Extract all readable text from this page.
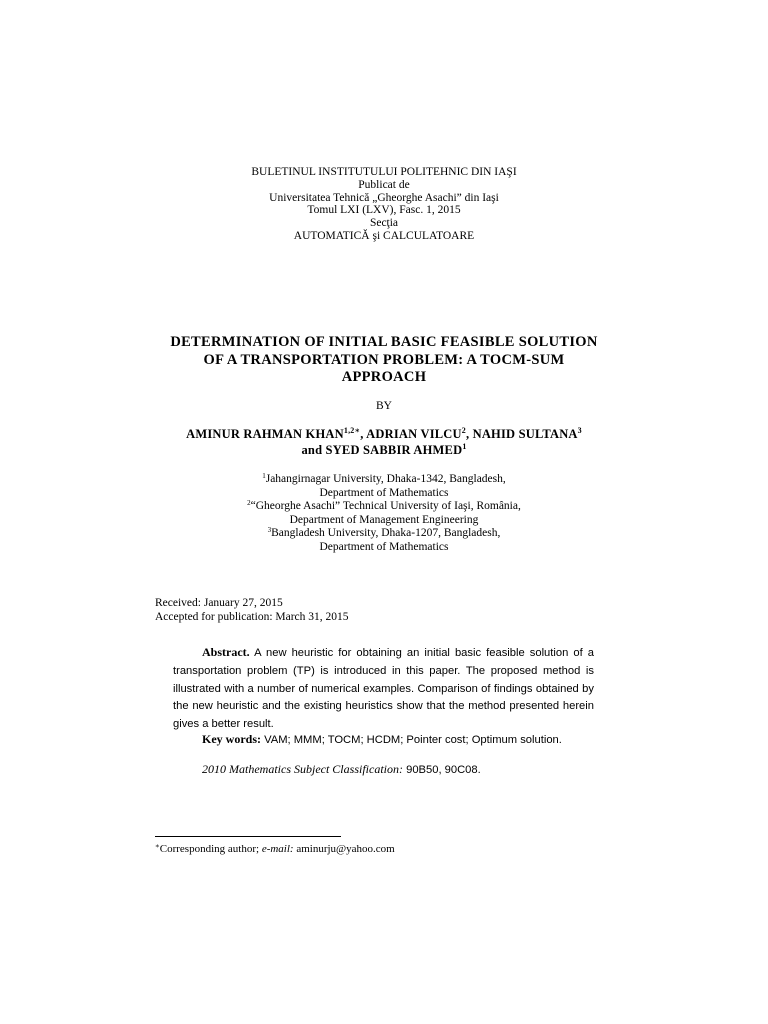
BULETINUL INSTITUTULUI POLITEHNIC DIN IAŞI
Publicat de
Universitatea Tehnică „Gheorghe Asachi” din Iaşi
Tomul LXI (LXV), Fasc. 1, 2015
Secţia
AUTOMATICĂ şi CALCULATOARE
DETERMINATION OF INITIAL BASIC FEASIBLE SOLUTION
OF A TRANSPORTATION PROBLEM: A TOCM-SUM
APPROACH
BY
AMINUR RAHMAN $KHAN^{1,2∗}$, ADRIAN VILCU$^2$, NAHID SULTANA$^3$
and SYED SABBIR AHMED$^1$
$^1$Jahangirnagar University, Dhaka-1342, Bangladesh,
Department of Mathematics
$^2$“Gheorghe Asachi” Technical University of Iaşi, România,
Department of Management Engineering
$^3$Bangladesh University, Dhaka-1207, Bangladesh,
Department of Mathematics
Received: January 27, 2015
Accepted for publication: March 31, 2015
Abstract. A new heuristic for obtaining an initial basic feasible solution of a transportation problem (TP) is introduced in this paper. The proposed method is illustrated with a number of numerical examples. Comparison of findings obtained by the new heuristic and the existing heuristics show that the method presented herein gives a better result.
Key words: VAM; MMM; TOCM; HCDM; Pointer cost; Optimum solution.
2010 Mathematics Subject Classification: 90B50, 90C08.
∗Corresponding author; e-mail: aminurju@yahoo.com
